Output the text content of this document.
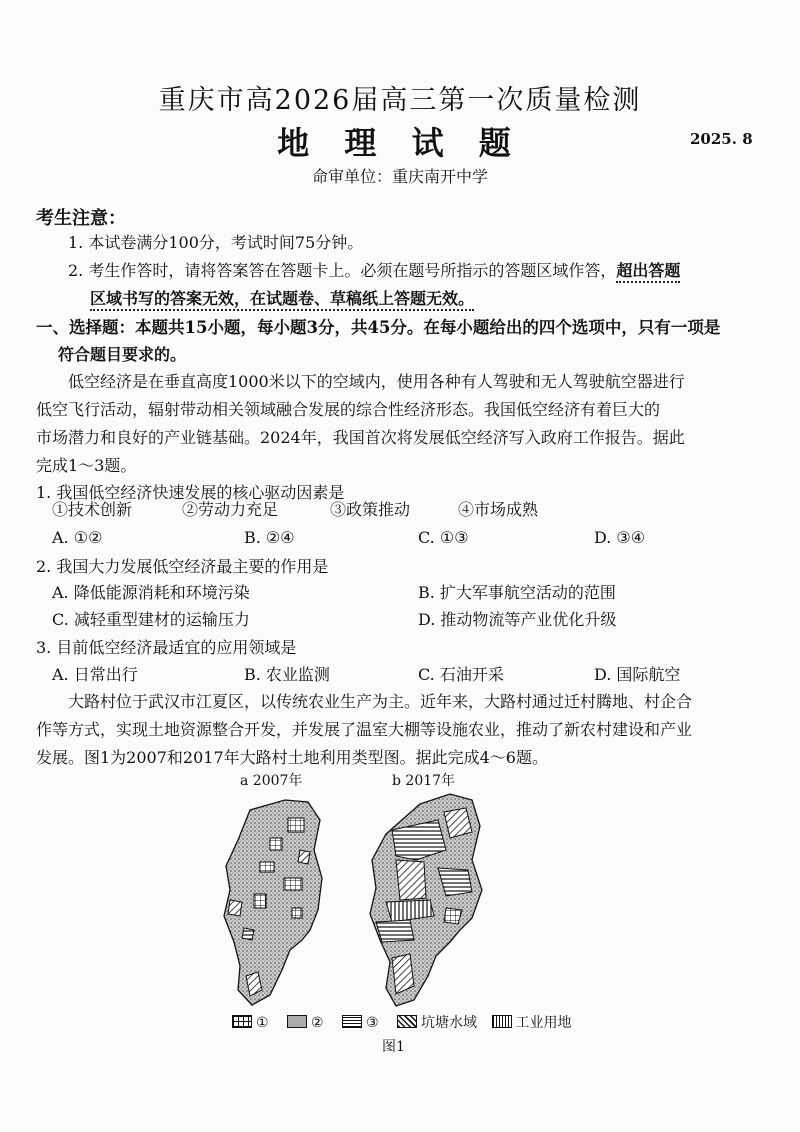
重庆市高2026届高三第一次质量检测
地 理 试 题	2025. 8
命审单位：重庆南开中学
考生注意：
1. 本试卷满分100分，考试时间75分钟。
2. 考生作答时，请将答案答在答题卡上。必须在题号所指示的答题区域作答，超出答题
区域书写的答案无效，在试题卷、草稿纸上答题无效。
一、选择题：本题共15小题，每小题3分，共45分。在每小题给出的四个选项中，只有一项是
符合题目要求的。
低空经济是在垂直高度1000米以下的空域内，使用各种有人驾驶和无人驾驶航空器进行
低空飞行活动，辐射带动相关领域融合发展的综合性经济形态。我国低空经济有着巨大的
市场潜力和良好的产业链基础。2024年，我国首次将发展低空经济写入政府工作报告。据此
完成1～3题。
1. 我国低空经济快速发展的核心驱动因素是
①技术创新	②劳动力充足	③政策推动	④市场成熟
A. ①②	B. ②④	C. ①③	D. ③④
2. 我国大力发展低空经济最主要的作用是
A. 降低能源消耗和环境污染	B. 扩大军事航空活动的范围
C. 减轻重型建材的运输压力	D. 推动物流等产业优化升级
3. 目前低空经济最适宜的应用领域是
A. 日常出行	B. 农业监测	C. 石油开采	D. 国际航空
大路村位于武汉市江夏区，以传统农业生产为主。近年来，大路村通过迁村腾地、村企合
作等方式，实现土地资源整合开发，并发展了温室大棚等设施农业，推动了新农村建设和产业
发展。图1为2007和2017年大路村土地利用类型图。据此完成4～6题。
a 2007年	b 2017年
①	②	③	坑塘水域	工业用地
图1
